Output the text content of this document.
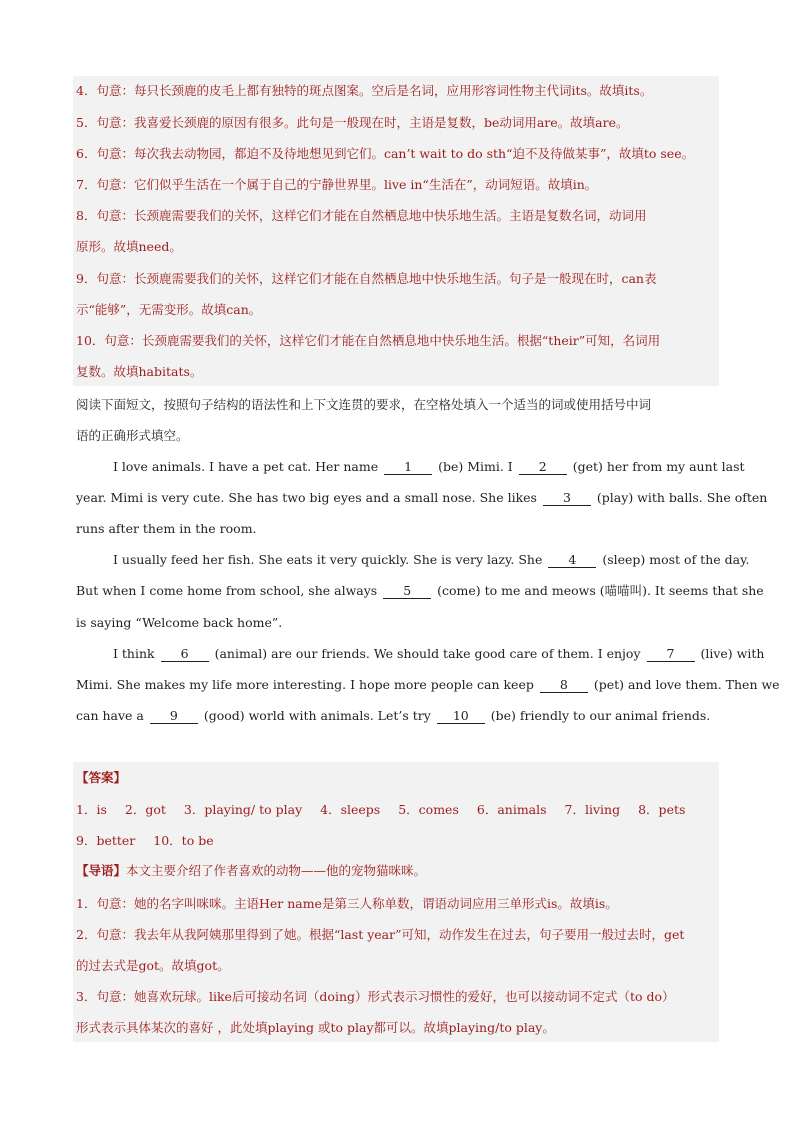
4．句意：每只长颈鹿的皮毛上都有独特的斑点图案。空后是名词，应用形容词性物主代词its。故填its。
5．句意：我喜爱长颈鹿的原因有很多。此句是一般现在时，主语是复数，be动词用are。故填are。
6．句意：每次我去动物园，都迫不及待地想见到它们。can’t wait to do sth“迫不及待做某事”，故填to see。
7．句意：它们似乎生活在一个属于自己的宁静世界里。live in“生活在”，动词短语。故填in。
8．句意：长颈鹿需要我们的关怀，这样它们才能在自然栖息地中快乐地生活。主语是复数名词，动词用
原形。故填need。
9．句意：长颈鹿需要我们的关怀，这样它们才能在自然栖息地中快乐地生活。句子是一般现在时，can表
示“能够”，无需变形。故填can。
10．句意：长颈鹿需要我们的关怀，这样它们才能在自然栖息地中快乐地生活。根据“their”可知，名词用
复数。故填habitats。
阅读下面短文，按照句子结构的语法性和上下文连贯的要求，在空格处填入一个适当的词或使用括号中词
语的正确形式填空。
I love animals. I have a pet cat. Her name 1 (be) Mimi. I 2 (get) her from my aunt last
year. Mimi is very cute. She has two big eyes and a small nose. She likes 3 (play) with balls. She often
runs after them in the room.
I usually feed her fish. She eats it very quickly. She is very lazy. She 4 (sleep) most of the day.
But when I come home from school, she always 5 (come) to me and meows (喵喵叫). It seems that she
is saying “Welcome back home”.
I think 6 (animal) are our friends. We should take good care of them. I enjoy 7 (live) with
Mimi. She makes my life more interesting. I hope more people can keep 8 (pet) and love them. Then we
can have a 9 (good) world with animals. Let’s try 10 (be) friendly to our animal friends.
【答案】
1．is 2．got 3．playing/ to play 4．sleeps 5．comes 6．animals 7．living 8．pets
9．better 10．to be
【导语】本文主要介绍了作者喜欢的动物——他的宠物猫咪咪。
1．句意：她的名字叫咪咪。主语Her name是第三人称单数，谓语动词应用三单形式is。故填is。
2．句意：我去年从我阿姨那里得到了她。根据“last year”可知，动作发生在过去，句子要用一般过去时，get
的过去式是got。故填got。
3．句意：她喜欢玩球。like后可接动名词（doing）形式表示习惯性的爱好，也可以接动词不定式（to do）
形式表示具体某次的喜好 ，此处填playing 或to play都可以。故填playing/to play。
